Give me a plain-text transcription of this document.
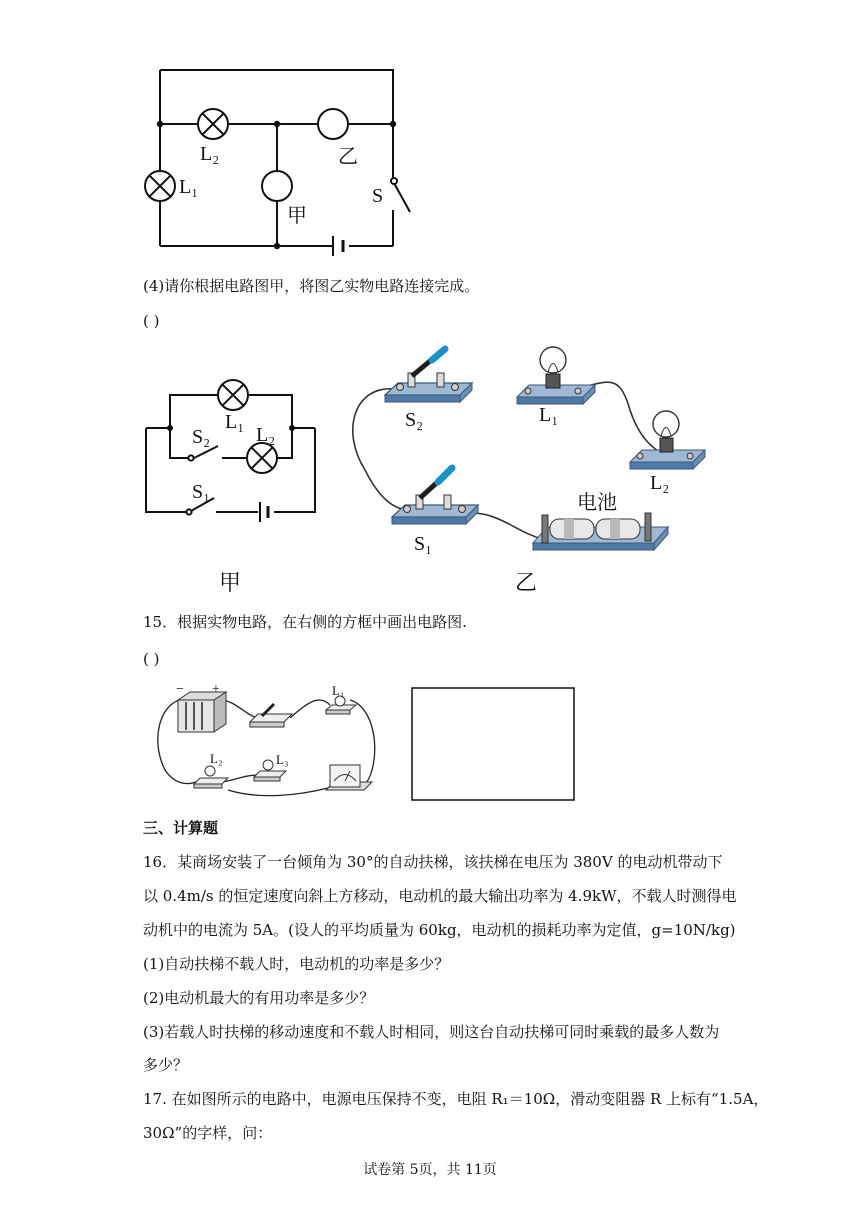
L₂
L₁
乙
甲
S
(4)请你根据电路图甲，将图乙实物电路连接完成。
( )
L₁
L₂
S₂
S₁
甲
S₂	L₁
L₂
S₁
电池
乙
15．根据实物电路，在右侧的方框中画出电路图.
( )
− +	L₁
L₂	L₃
三、计算题
16．某商场安装了一台倾角为 30°的自动扶梯，该扶梯在电压为 380V 的电动机带动下
以 0.4m/s 的恒定速度向斜上方移动，电动机的最大输出功率为 4.9kW，不载人时测得电
动机中的电流为 5A。(设人的平均质量为 60kg，电动机的损耗功率为定值，g=10N/kg)
(1)自动扶梯不载人时，电动机的功率是多少？
(2)电动机最大的有用功率是多少？
(3)若载人时扶梯的移动速度和不载人时相同，则这台自动扶梯可同时乘载的最多人数为
多少？
17. 在如图所示的电路中，电源电压保持不变，电阻 R₁＝10Ω，滑动变阻器 R 上标有“1.5A，
30Ω”的字样，问：
试卷第 5页，共 11页
